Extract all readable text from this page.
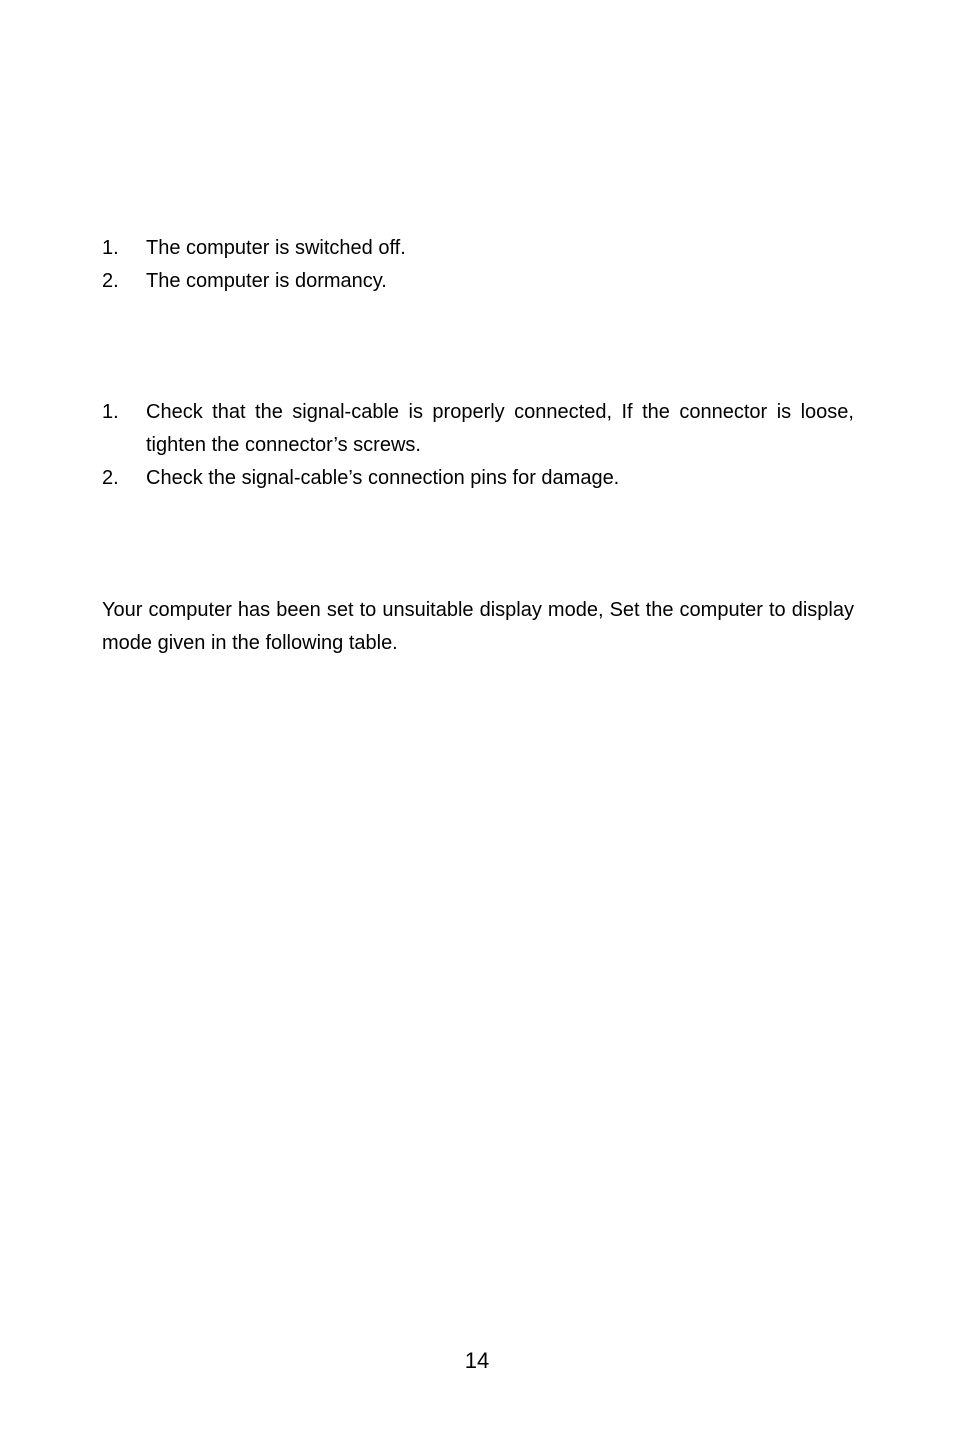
1. The computer is switched off.
2. The computer is dormancy.
1. Check that the signal-cable is properly connected, If the connector is loose, tighten the connector’s screws.
2. Check the signal-cable’s connection pins for damage.

Your computer has been set to unsuitable display mode, Set the computer to display mode given in the following table.

14
